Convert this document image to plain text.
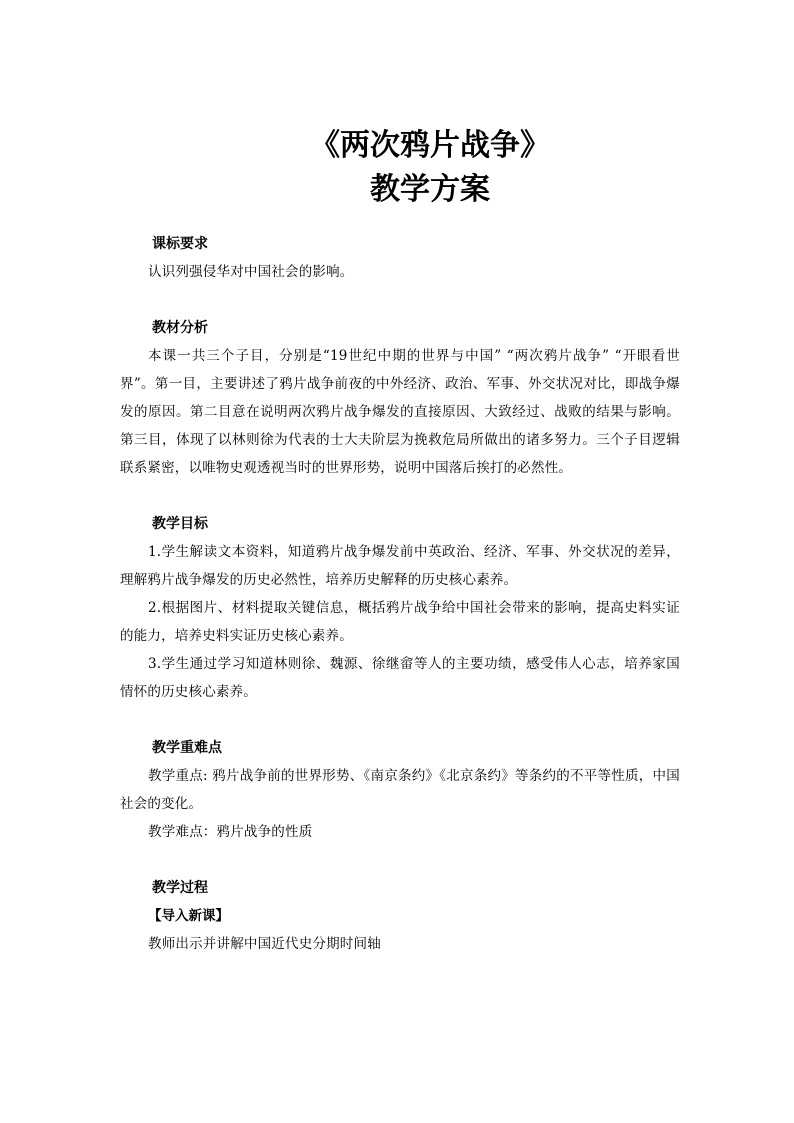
《两次鸦片战争》

教学方案

课标要求

认识列强侵华对中国社会的影响。

教材分析

本课一共三个子目，分别是“19世纪中期的世界与中国” “两次鸦片战争” “开眼看世界”。第一目，主要讲述了鸦片战争前夜的中外经济、政治、军事、外交状况对比，即战争爆发的原因。第二目意在说明两次鸦片战争爆发的直接原因、大致经过、战败的结果与影响。第三目，体现了以林则徐为代表的士大夫阶层为挽救危局所做出的诸多努力。三个子目逻辑联系紧密，以唯物史观透视当时的世界形势，说明中国落后挨打的必然性。

教学目标

1.学生解读文本资料，知道鸦片战争爆发前中英政治、经济、军事、外交状况的差异，理解鸦片战争爆发的历史必然性，培养历史解释的历史核心素养。

2.根据图片、材料提取关键信息，概括鸦片战争给中国社会带来的影响，提高史料实证的能力，培养史料实证历史核心素养。

3.学生通过学习知道林则徐、魏源、徐继畲等人的主要功绩，感受伟人心志，培养家国情怀的历史核心素养。

教学重难点

教学重点: 鸦片战争前的世界形势、《南京条约》《北京条约》等条约的不平等性质，中国社会的变化。

教学难点：鸦片战争的性质

教学过程

【导入新课】

教师出示并讲解中国近代史分期时间轴
